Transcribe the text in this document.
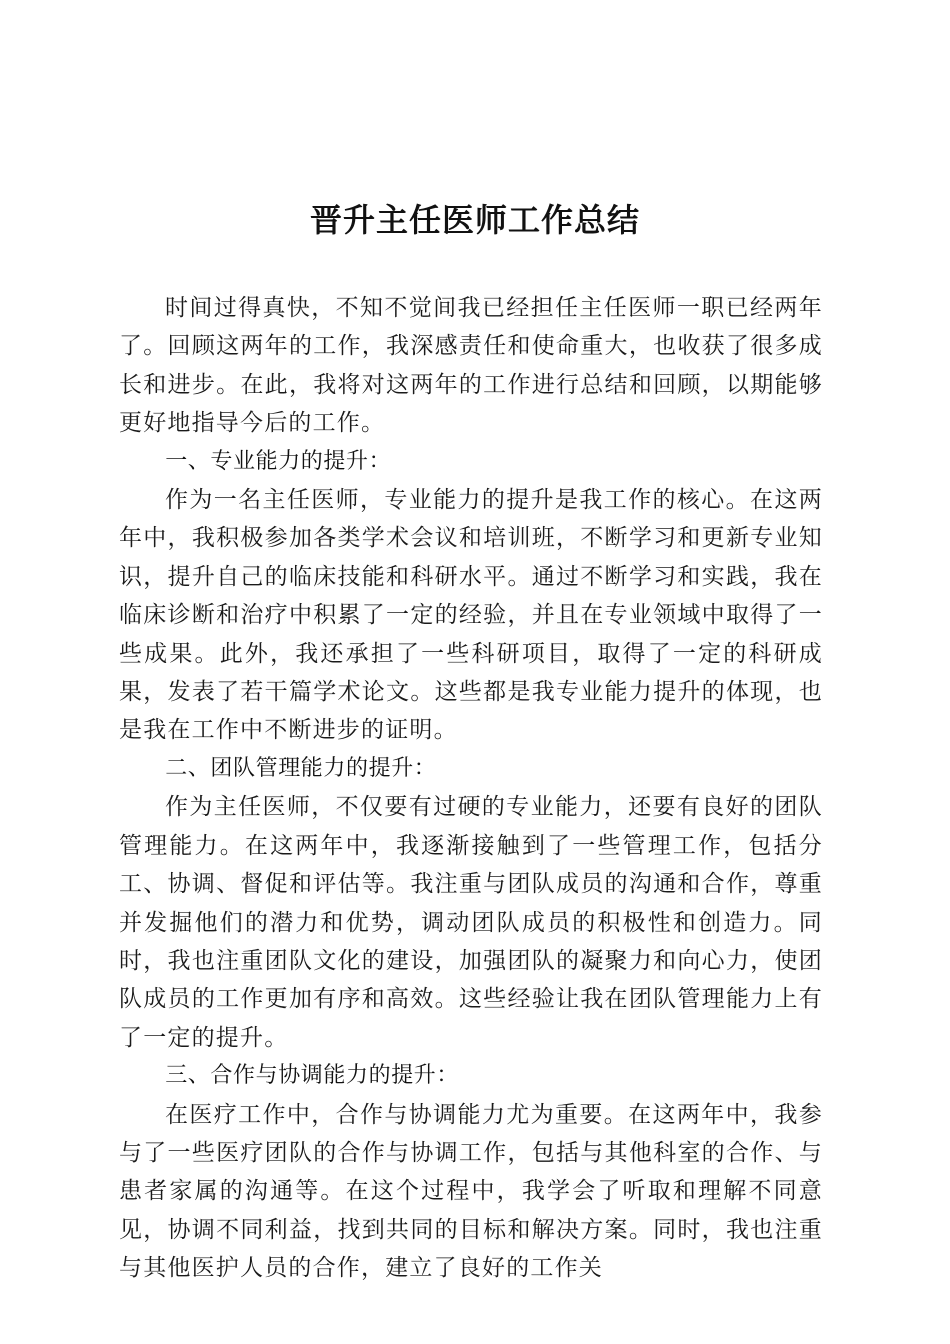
晋升主任医师工作总结

时间过得真快，不知不觉间我已经担任主任医师一职已经两年了。回顾这两年的工作，我深感责任和使命重大，也收获了很多成长和进步。在此，我将对这两年的工作进行总结和回顾，以期能够更好地指导今后的工作。

一、专业能力的提升：

作为一名主任医师，专业能力的提升是我工作的核心。在这两年中，我积极参加各类学术会议和培训班，不断学习和更新专业知识，提升自己的临床技能和科研水平。通过不断学习和实践，我在临床诊断和治疗中积累了一定的经验，并且在专业领域中取得了一些成果。此外，我还承担了一些科研项目，取得了一定的科研成果，发表了若干篇学术论文。这些都是我专业能力提升的体现，也是我在工作中不断进步的证明。

二、团队管理能力的提升：

作为主任医师，不仅要有过硬的专业能力，还要有良好的团队管理能力。在这两年中，我逐渐接触到了一些管理工作，包括分工、协调、督促和评估等。我注重与团队成员的沟通和合作，尊重并发掘他们的潜力和优势，调动团队成员的积极性和创造力。同时，我也注重团队文化的建设，加强团队的凝聚力和向心力，使团队成员的工作更加有序和高效。这些经验让我在团队管理能力上有了一定的提升。

三、合作与协调能力的提升：

在医疗工作中，合作与协调能力尤为重要。在这两年中，我参与了一些医疗团队的合作与协调工作，包括与其他科室的合作、与患者家属的沟通等。在这个过程中，我学会了听取和理解不同意见，协调不同利益，找到共同的目标和解决方案。同时，我也注重与其他医护人员的合作，建立了良好的工作关
